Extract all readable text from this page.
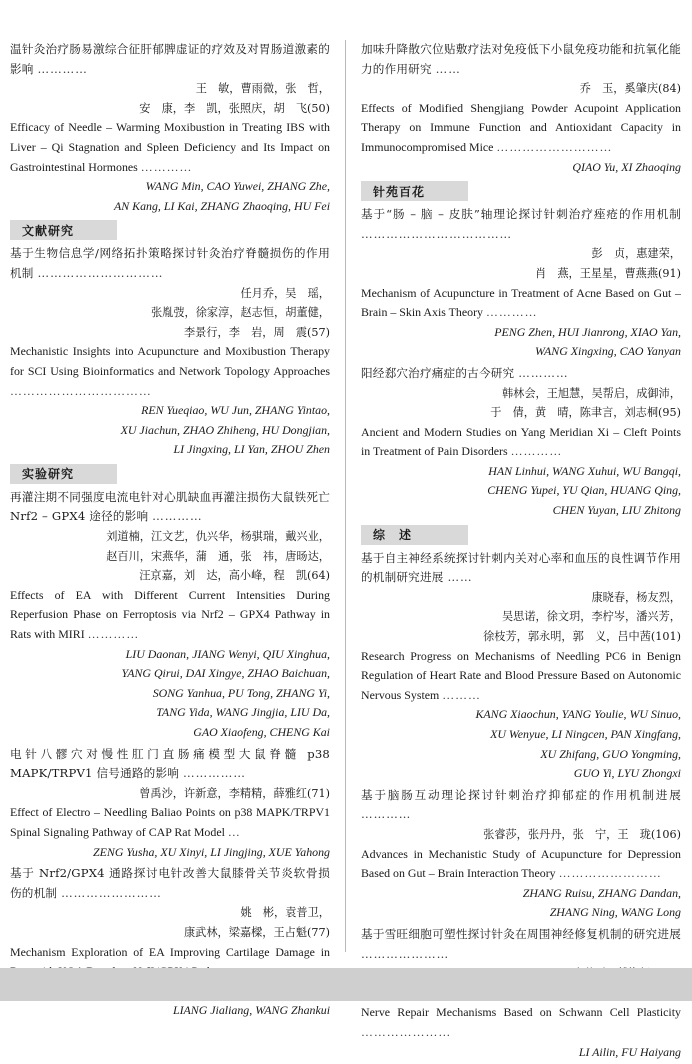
温针灸治疗肠易激综合征肝郁脾虚证的疗效及对胃肠道激素的影响 …………
王　敏，曹雨微，张　哲，
安　康，李　凯，张照庆，胡　飞(50)
Efficacy of Needle – Warming Moxibustion in Treating IBS with Liver – Qi Stagnation and Spleen Deficiency and Its Impact on Gastrointestinal Hormones …………
WANG Min, CAO Yuwei, ZHANG Zhe,
AN Kang, LI Kai, ZHANG Zhaoqing, HU Fei
文献研究
基于生物信息学/网络拓扑策略探讨针灸治疗脊髓损伤的作用机制 …………………………
任月乔，吴　瑶，
张胤弢，徐家淳，赵志恒，胡董健，
李景行，李　岩，周　震(57)
Mechanistic Insights into Acupuncture and Moxibustion Therapy for SCI Using Bioinformatics and Network Topology Approaches ……………………………
REN Yueqiao, WU Jun, ZHANG Yintao,
XU Jiachun, ZHAO Zhiheng, HU Dongjian,
LI Jingxing, LI Yan, ZHOU Zhen
实验研究
再灌注期不同强度电流电针对心肌缺血再灌注损伤大鼠铁死亡 Nrf2 – GPX4 途径的影响 …………
刘道楠，江文艺，仇兴华，杨骐瑞，戴兴业，
赵百川，宋燕华，蒲　通，张　祎，唐旸达，
汪京嘉，刘　达，高小峰，程　凯(64)
Effects of EA with Different Current Intensities During Reperfusion Phase on Ferroptosis via Nrf2 – GPX4 Pathway in Rats with MIRI …………
LIU Daonan, JIANG Wenyi, QIU Xinghua,
YANG Qirui, DAI Xingye, ZHAO Baichuan,
SONG Yanhua, PU Tong, ZHANG Yi,
TANG Yida, WANG Jingjia, LIU Da,
GAO Xiaofeng, CHENG Kai
电针八髎穴对慢性肛门直肠痛模型大鼠脊髓 p38 MAPK/TRPV1 信号通路的影响 ……………
曾禹沙，许新意，李精精，薛雅红(71)
Effect of Electro – Needling Baliao Points on p38 MAPK/TRPV1 Spinal Signaling Pathway of CAP Rat Model …
ZENG Yusha, XU Xinyi, LI Jingjing, XUE Yahong
基于 Nrf2/GPX4 通路探讨电针改善大鼠膝骨关节炎软骨损伤的机制 ……………………
姚　彬，袁普卫，
康武林，梁嘉樑，王占魁(77)
Mechanism Exploration of EA Improving Cartilage Damage in
LIANG Jialiang, WANG Zhankui
加味升降散穴位贴敷疗法对免疫低下小鼠免疫功能和抗氧化能力的作用研究 ……
乔　玉，奚肇庆(84)
Effects of Modified Shengjiang Powder Acupoint Application Therapy on Immune Function and Antioxidant Capacity in Immunocompromised Mice ………………………
QIAO Yu, XI Zhaoqing
针苑百花
基于“肠 – 脑 – 皮肤”轴理论探讨针刺治疗痤疮的作用机制 ………………………………
彭　贞，惠建荣，
肖　燕，王星星，曹燕燕(91)
Mechanism of Acupuncture in Treatment of Acne Based on Gut – Brain – Skin Axis Theory …………
PENG Zhen, HUI Jianrong, XIAO Yan,
WANG Xingxing, CAO Yanyan
阳经郄穴治疗痛症的古今研究 …………
韩林会，王旭慧，吴帮启，成御沛，
于　倩，黄　晴，陈聿言，刘志桐(95)
Ancient and Modern Studies on Yang Meridian Xi – Cleft Points in Treatment of Pain Disorders …………
HAN Linhui, WANG Xuhui, WU Bangqi,
CHENG Yupei, YU Qian, HUANG Qing,
CHEN Yuyan, LIU Zhitong
综　述
基于自主神经系统探讨针刺内关对心率和血压的良性调节作用的机制研究进展 ……
康晓春，杨友烈，
吴思诺，徐文玥，李柠岑，潘兴芳，
徐枝芳，郭永明，郭　义，吕中茜(101)
Research Progress on Mechanisms of Needling PC6 in Benign Regulation of Heart Rate and Blood Pressure Based on Autonomic Nervous System ………
KANG Xiaochun, YANG Youlie, WU Sinuo,
XU Wenyue, LI Ningcen, PAN Xingfang,
XU Zhifang, GUO Yongming,
GUO Yi, LYU Zhongxi
基于脑肠互动理论探讨针刺治疗抑郁症的作用机制进展 …………
张睿莎，张丹丹，张　宁，王　珑(106)
Advances in Mechanistic Study of Acupuncture for Depression Based on Gut – Brain Interaction Theory ……………………
ZHANG Ruisu, ZHANG Dandan,
ZHANG Ning, WANG Long
基于雪旺细胞可塑性探讨针灸在周围神经修复机制的研究进展 …………………
Nerve Repair Mechanisms Based on Schwann Cell Plasticity …………………
LI Ailin, FU Haiyang
